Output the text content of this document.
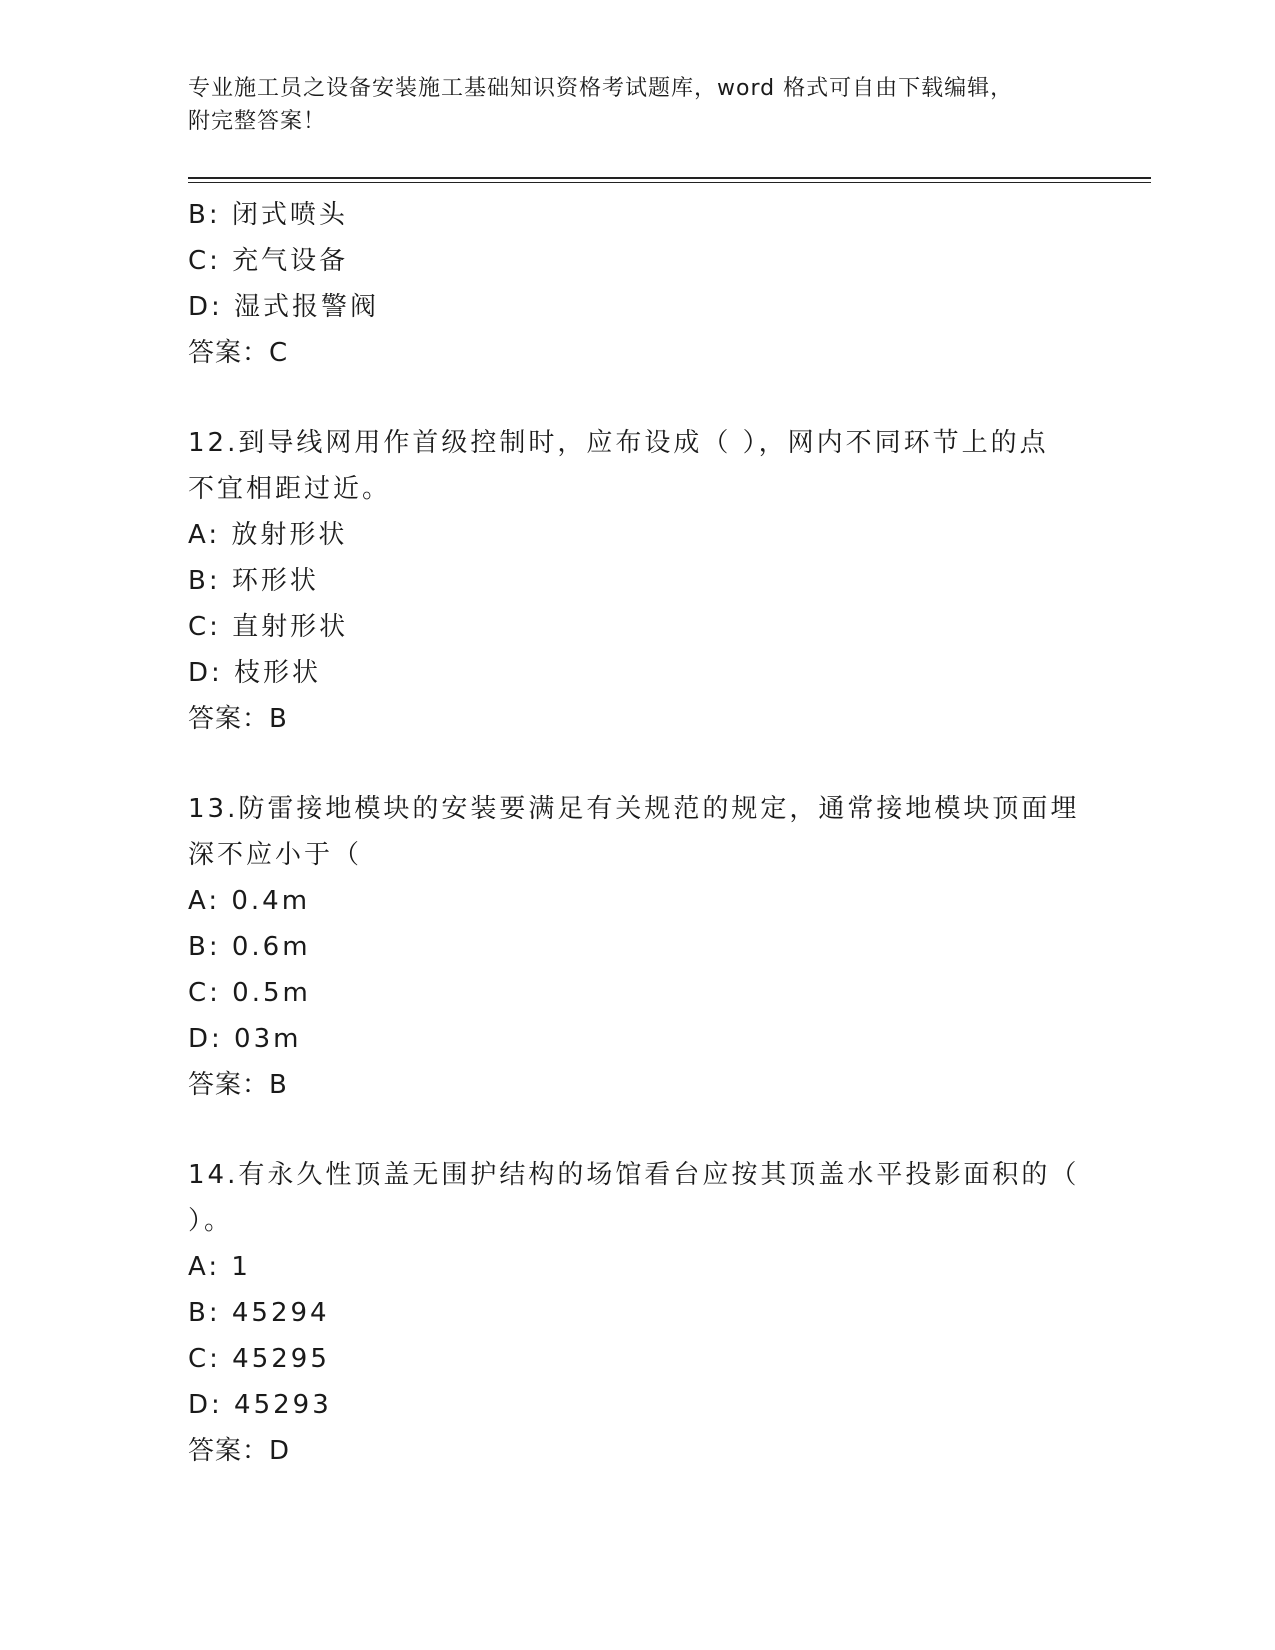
专业施工员之设备安装施工基础知识资格考试题库，word 格式可自由下载编辑，
附完整答案！
B: 闭式喷头
C: 充气设备
D: 湿式报警阀
答案：C
12.到导线网用作首级控制时，应布设成（ ），网内不同环节上的点
不宜相距过近。
A: 放射形状
B: 环形状
C: 直射形状
D: 枝形状
答案：B
13.防雷接地模块的安装要满足有关规范的规定，通常接地模块顶面埋
深不应小于（
A: 0.4m
B: 0.6m
C: 0.5m
D: 03m
答案：B
14.有永久性顶盖无围护结构的场馆看台应按其顶盖水平投影面积的（
）。
A: 1
B: 45294
C: 45295
D: 45293
答案：D
